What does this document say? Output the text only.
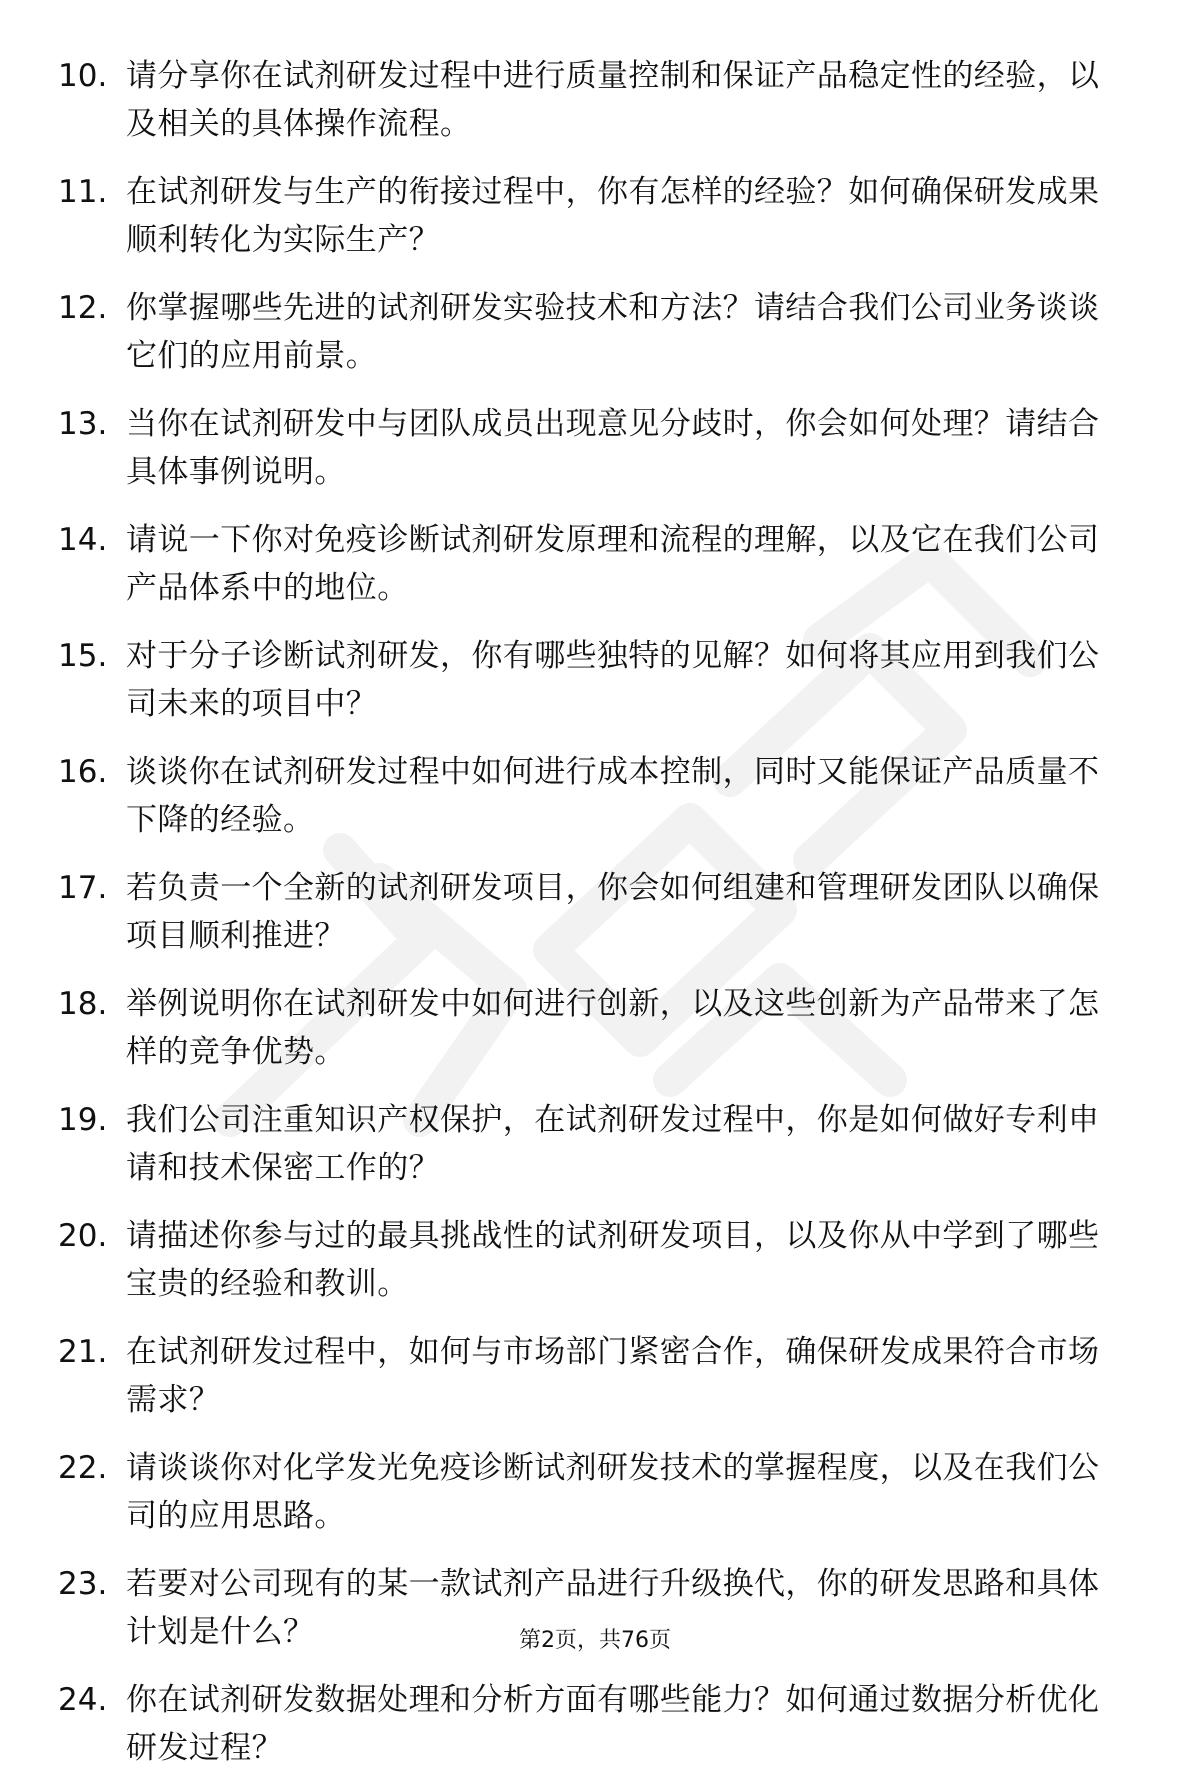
10. 请分享你在试剂研发过程中进行质量控制和保证产品稳定性的经验，以及相关的具体操作流程。
11. 在试剂研发与生产的衔接过程中，你有怎样的经验？如何确保研发成果顺利转化为实际生产？
12. 你掌握哪些先进的试剂研发实验技术和方法？请结合我们公司业务谈谈它们的应用前景。
13. 当你在试剂研发中与团队成员出现意见分歧时，你会如何处理？请结合具体事例说明。
14. 请说一下你对免疫诊断试剂研发原理和流程的理解，以及它在我们公司产品体系中的地位。
15. 对于分子诊断试剂研发，你有哪些独特的见解？如何将其应用到我们公司未来的项目中？
16. 谈谈你在试剂研发过程中如何进行成本控制，同时又能保证产品质量不下降的经验。
17. 若负责一个全新的试剂研发项目，你会如何组建和管理研发团队以确保项目顺利推进？
18. 举例说明你在试剂研发中如何进行创新，以及这些创新为产品带来了怎样的竞争优势。
19. 我们公司注重知识产权保护，在试剂研发过程中，你是如何做好专利申请和技术保密工作的？
20. 请描述你参与过的最具挑战性的试剂研发项目，以及你从中学到了哪些宝贵的经验和教训。
21. 在试剂研发过程中，如何与市场部门紧密合作，确保研发成果符合市场需求？
22. 请谈谈你对化学发光免疫诊断试剂研发技术的掌握程度，以及在我们公司的应用思路。
23. 若要对公司现有的某一款试剂产品进行升级换代，你的研发思路和具体计划是什么？
24. 你在试剂研发数据处理和分析方面有哪些能力？如何通过数据分析优化研发过程？
第2页，共76页
